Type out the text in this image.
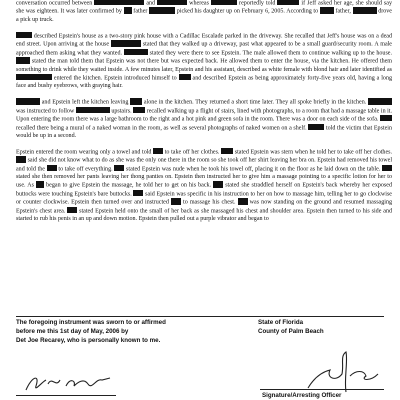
conversation occurred between	and	whereas	reportedly told	if Jeff asked her age, she should say she was eighteen. It was later confirmed by  father	picked his daughter up on February 6, 2005. According to  father,	drove a pick up truck.

described Epstein's house as a two-story pink house with a Cadillac Escalade parked in the driveway. She recalled that Jeff's house was on a dead end street. Upon arriving at the house	stated that they walked up a driveway, past what appeared to be a small guard/security room. A male approached them asking what they wanted.	stated they were there to see Epstein. The male allowed them to continue walking up to the house.  stated the man told them that Epstein was not there but was expected back. He allowed them to enter the house, via the kitchen. He offered them something to drink while they waited inside. A few minutes later, Epstein and his assistant, described as white female with blond hair and later identified as  entered the kitchen. Epstein introduced himself to  and described Epstein as being approximately forty-five years old, having a long face and bushy eyebrows, with graying hair.

and Epstein left the kitchen leaving  alone in the kitchen. They returned a short time later. They all spoke briefly in the kitchen.  was instructed to follow	upstairs.  recalled walking up a flight of stairs, lined with photographs, to a room that had a massage table in it. Upon entering the room there was a large bathroom to the right and a hot pink and green sofa in the room. There was a door on each side of the sofa.  recalled there being a mural of a naked woman in the room, as well as several photographs of naked women on a shelf.	told the victim that Epstein would be up in a second.

Epstein entered the room wearing only a towel and told  to take off her clothes.  stated Epstein was stern when he told her to take off her clothes.  said she did not know what to do as she was the only one there in the room so she took off her shirt leaving her bra on. Epstein had removed his towel and told the  to take off everything.  stated Epstein was nude when he took his towel off, placing it on the floor as he laid down on the table.  stated she then removed her pants leaving her thong panties on. Epstein then instructed her to give him a massage pointing to a specific lotion for her to use. As  began to give Epstein the massage, he told her to get on his back.  stated she straddled herself on Epstein's back whereby her exposed buttocks were touching Epstein's bare buttocks.  said Epstein was specific in his instruction to her on how to massage him, telling her to go clockwise or counter clockwise. Epstein then turned over and instructed  to massage his chest.  was now standing on the ground and resumed massaging Epstein's chest area.  stated Epstein held onto the small of her back as she massaged his chest and shoulder area. Epstein then turned to his side and started to rub his penis in an up and down motion. Epstein then pulled out a purple vibrator and began to

The foregoing instrument was sworn to or affirmed
before me this 1st day of May, 2006 by
Det Joe Recarey, who is personally known to me.
State of Florida
County of Palm Beach
Signature/Arresting Officer
